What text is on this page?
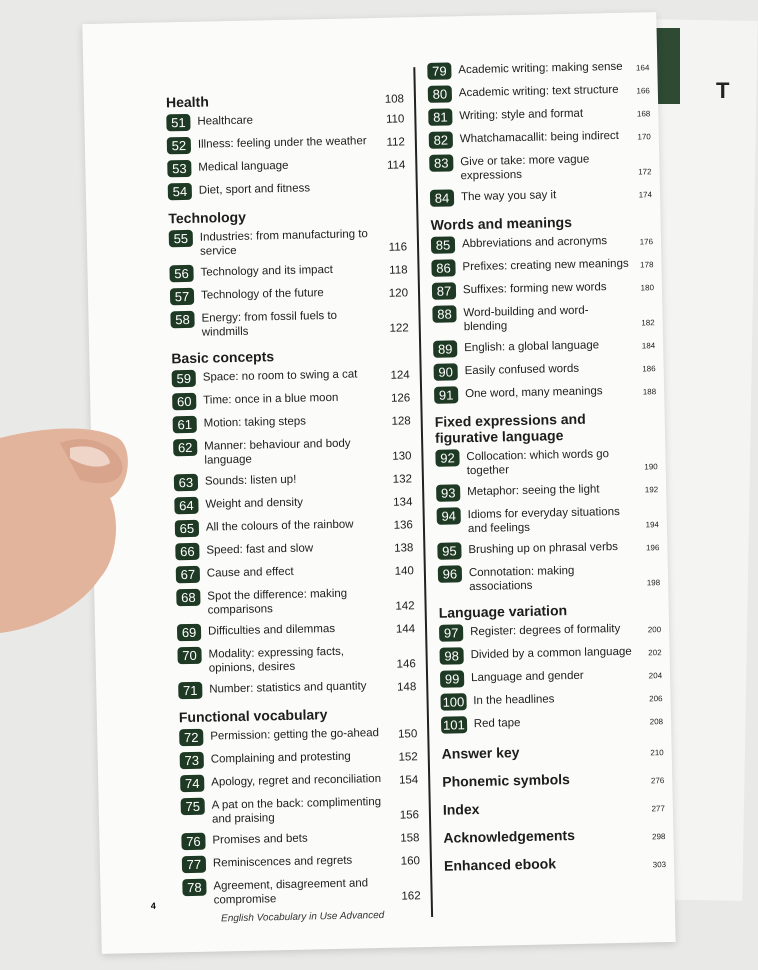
T
Health	108
51 Healthcare	110
52 Illness: feeling under the weather	112
53 Medical language	114
54 Diet, sport and fitness
Technology
55 Industries: from manufacturing to service	116
56 Technology and its impact	118
57 Technology of the future	120
58 Energy: from fossil fuels to windmills	122
Basic concepts
59 Space: no room to swing a cat	124
60 Time: once in a blue moon	126
61 Motion: taking steps	128
62 Manner: behaviour and body language	130
63 Sounds: listen up!	132
64 Weight and density	134
65 All the colours of the rainbow	136
66 Speed: fast and slow	138
67 Cause and effect	140
68 Spot the difference: making comparisons	142
69 Difficulties and dilemmas	144
70 Modality: expressing facts, opinions, desires	146
71 Number: statistics and quantity	148
Functional vocabulary
72 Permission: getting the go-ahead	150
73 Complaining and protesting	152
74 Apology, regret and reconciliation	154
75 A pat on the back: complimenting and praising	156
76 Promises and bets	158
77 Reminiscences and regrets	160
78 Agreement, disagreement and compromise	162
79 Academic writing: making sense	164
80 Academic writing: text structure	166
81 Writing: style and format	168
82 Whatchamacallit: being indirect	170
83 Give or take: more vague expressions	172
84 The way you say it	174
Words and meanings
85 Abbreviations and acronyms	176
86 Prefixes: creating new meanings	178
87 Suffixes: forming new words	180
88 Word-building and word-blending	182
89 English: a global language	184
90 Easily confused words	186
91 One word, many meanings	188
Fixed expressions and figurative language
92 Collocation: which words go together	190
93 Metaphor: seeing the light	192
94 Idioms for everyday situations and feelings	194
95 Brushing up on phrasal verbs	196
96 Connotation: making associations	198
Language variation
97 Register: degrees of formality	200
98 Divided by a common language	202
99 Language and gender	204
100 In the headlines	206
101 Red tape	208
Answer key	210
Phonemic symbols	276
Index	277
Acknowledgements	298
Enhanced ebook	303
4
English Vocabulary in Use Advanced
